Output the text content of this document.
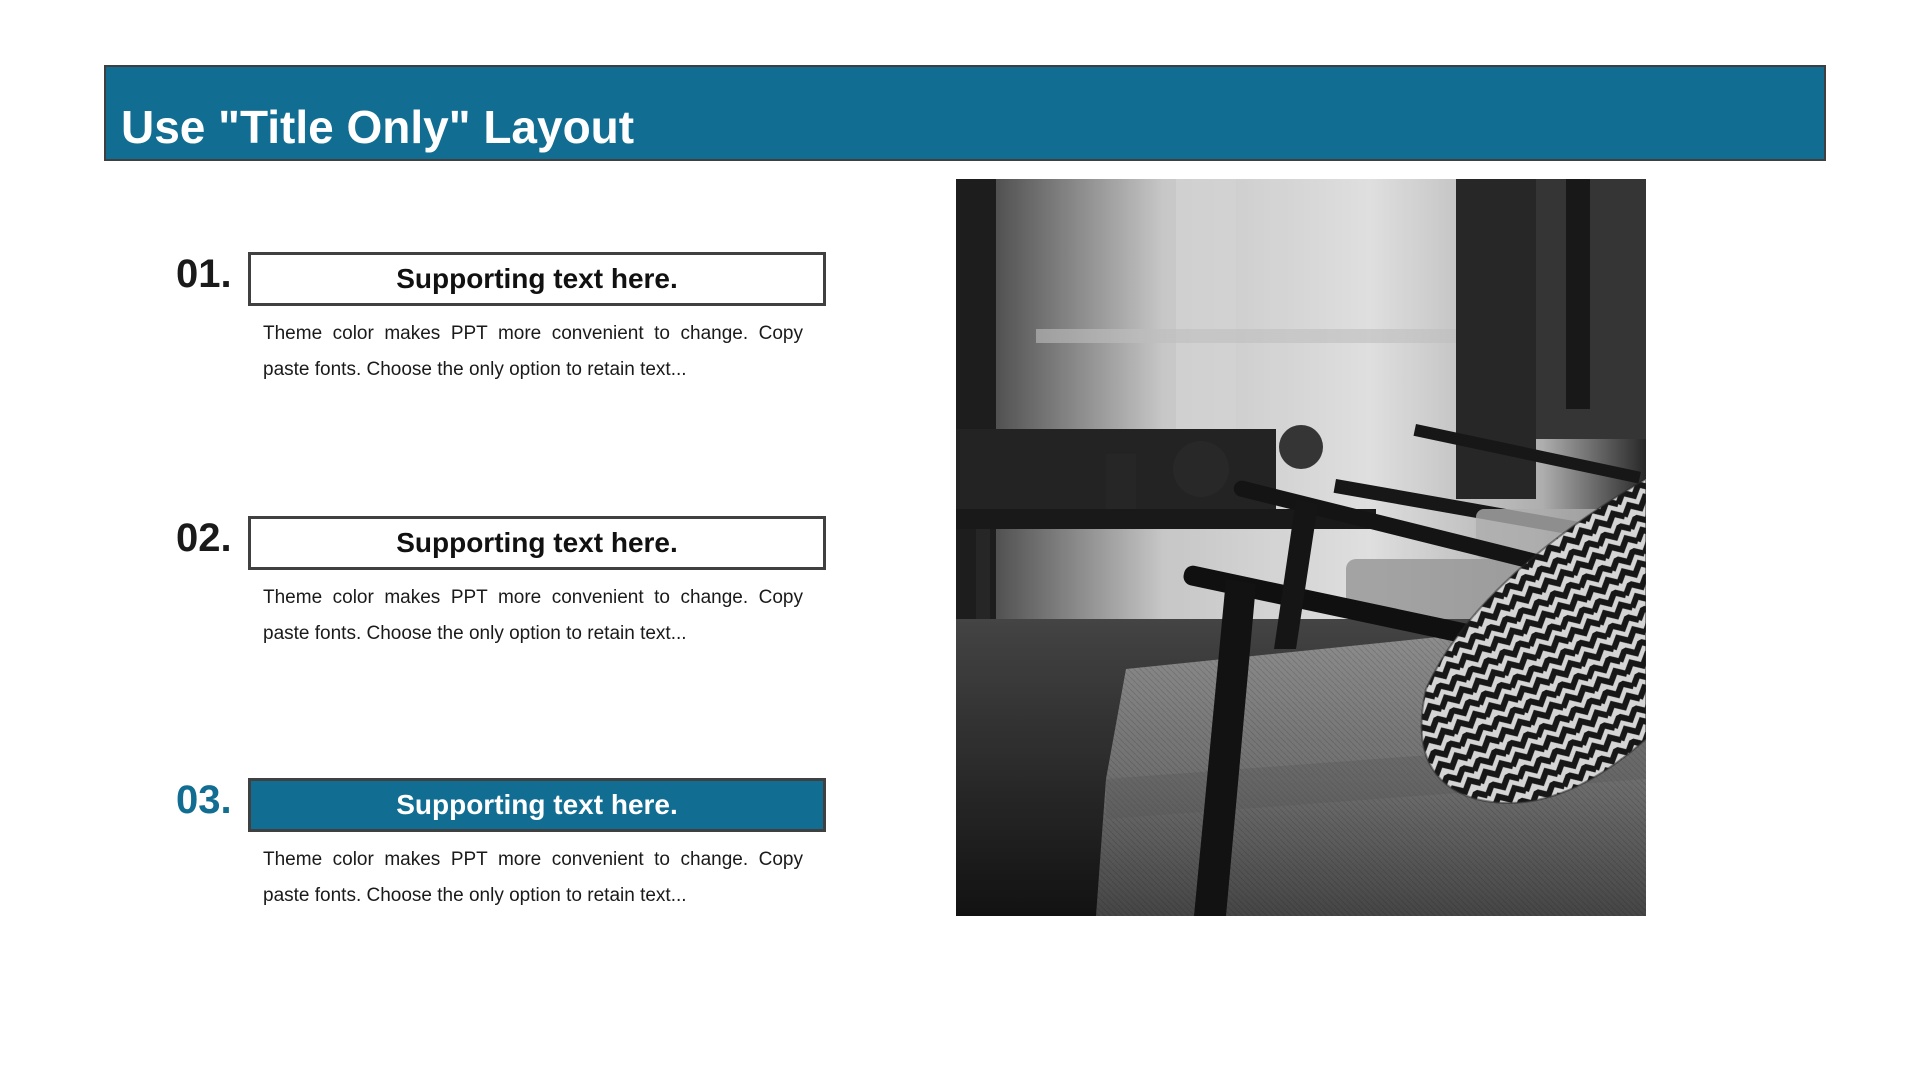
Use "Title Only" Layout
01.	Supporting text here.
Theme color makes PPT more convenient to change. Copy paste fonts. Choose the only option to retain text...
02.	Supporting text here.
Theme color makes PPT more convenient to change. Copy paste fonts. Choose the only option to retain text...
03.	Supporting text here.
Theme color makes PPT more convenient to change. Copy paste fonts. Choose the only option to retain text...
